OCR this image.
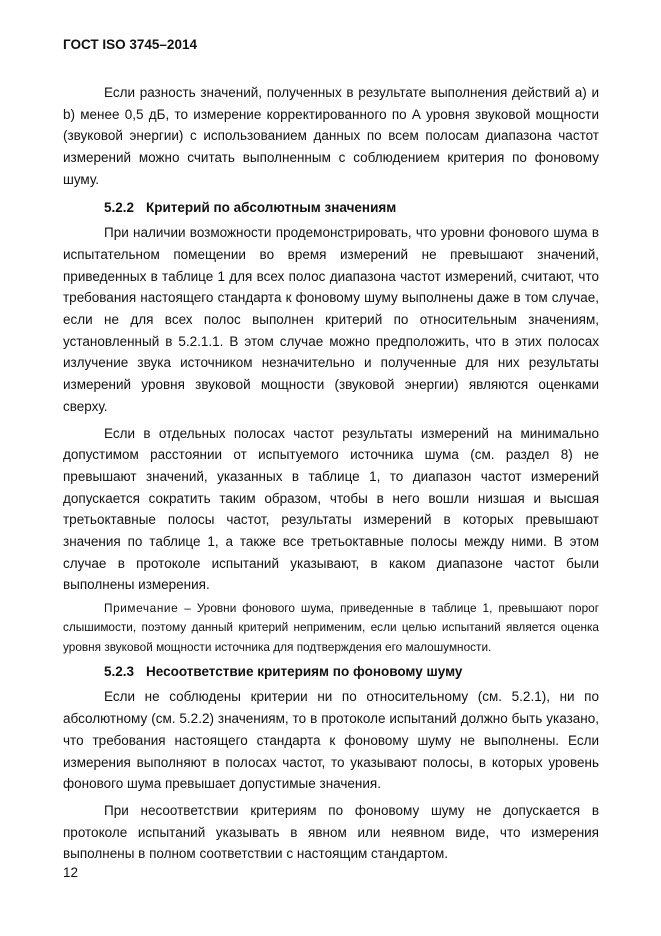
ГОСТ ISO 3745–2014

Если разность значений, полученных в результате выполнения действий а) и b) менее 0,5 дБ, то измерение корректированного по А уровня звуковой мощности (звуковой энергии) с использованием данных по всем полосам диапазона частот измерений можно считать выполненным с соблюдением критерия по фоновому шуму.

5.2.2 Критерий по абсолютным значениям

При наличии возможности продемонстрировать, что уровни фонового шума в испытательном помещении во время измерений не превышают значений, приведенных в таблице 1 для всех полос диапазона частот измерений, считают, что требования настоящего стандарта к фоновому шуму выполнены даже в том случае, если не для всех полос выполнен критерий по относительным значениям, установленный в 5.2.1.1. В этом случае можно предположить, что в этих полосах излучение звука источником незначительно и полученные для них результаты измерений уровня звуковой мощности (звуковой энергии) являются оценками сверху.

Если в отдельных полосах частот результаты измерений на минимально допустимом расстоянии от испытуемого источника шума (см. раздел 8) не превышают значений, указанных в таблице 1, то диапазон частот измерений допускается сократить таким образом, чтобы в него вошли низшая и высшая третьоктавные полосы частот, результаты измерений в которых превышают значения по таблице 1, а также все третьоктавные полосы между ними. В этом случае в протоколе испытаний указывают, в каком диапазоне частот были выполнены измерения.

Примечание – Уровни фонового шума, приведенные в таблице 1, превышают порог слышимости, поэтому данный критерий неприменим, если целью испытаний является оценка уровня звуковой мощности источника для подтверждения его малошумности.

5.2.3 Несоответствие критериям по фоновому шуму

Если не соблюдены критерии ни по относительному (см. 5.2.1), ни по абсолютному (см. 5.2.2) значениям, то в протоколе испытаний должно быть указано, что требования настоящего стандарта к фоновому шуму не выполнены. Если измерения выполняют в полосах частот, то указывают полосы, в которых уровень фонового шума превышает допустимые значения.

При несоответствии критериям по фоновому шуму не допускается в протоколе испытаний указывать в явном или неявном виде, что измерения выполнены в полном соответствии с настоящим стандартом.

12
